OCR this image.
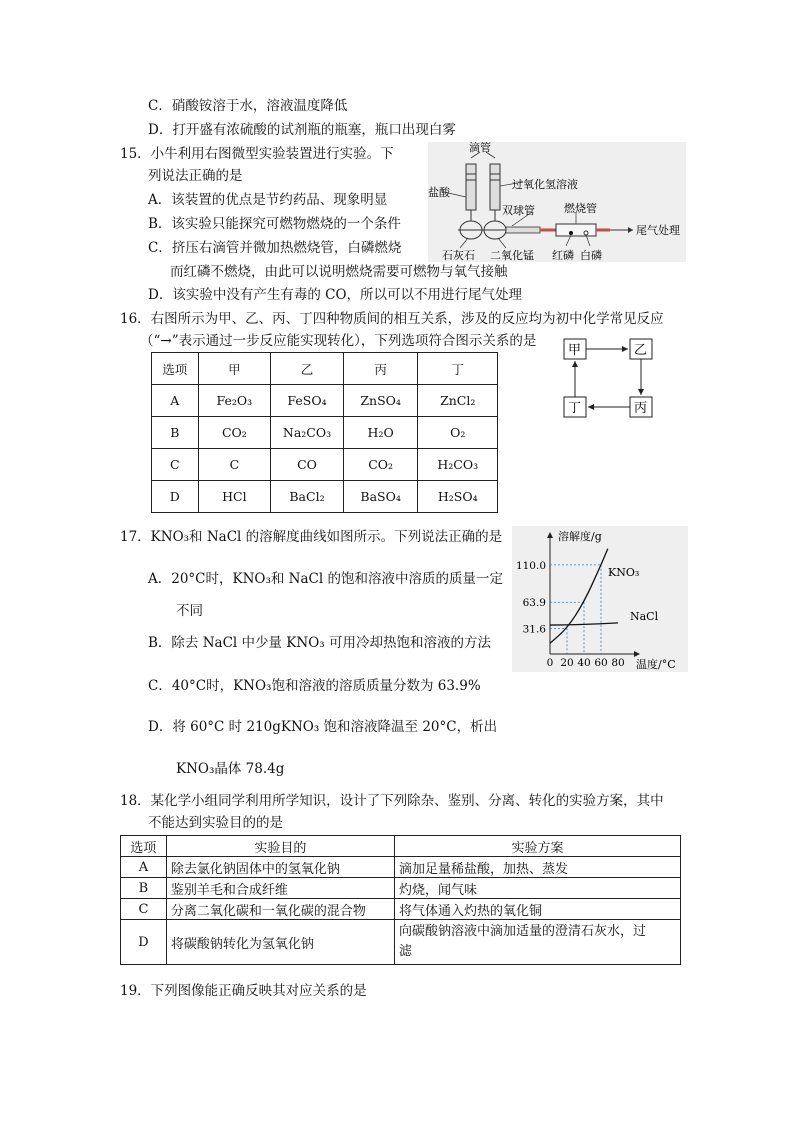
C．硝酸铵溶于水，溶液温度降低
D．打开盛有浓硫酸的试剂瓶的瓶塞，瓶口出现白雾
15．小牛利用右图微型实验装置进行实验。下
列说法正确的是
A．该装置的优点是节约药品、现象明显
B．该实验只能探究可燃物燃烧的一个条件
C．挤压右滴管并微加热燃烧管，白磷燃烧
而红磷不燃烧，由此可以说明燃烧需要可燃物与氧气接触
D．该实验中没有产生有毒的 CO，所以可以不用进行尾气处理
滴管
盐酸
过氧化氢溶液
双球管	燃烧管
尾气处理
石灰石 二氧化锰 红磷 白磷
16．右图所示为甲、乙、丙、丁四种物质间的相互关系，涉及的反应均为初中化学常见反应
（“→”表示通过一步反应能实现转化），下列选项符合图示关系的是
选项	甲	乙	丙	丁
A	Fe₂O₃	FeSO₄	ZnSO₄	ZnCl₂
B	CO₂	Na₂CO₃	H₂O	O₂
C	C	CO	CO₂	H₂CO₃
D	HCl	BaCl₂	BaSO₄	H₂SO₄
甲	乙
丙
丁
17．KNO₃和 NaCl 的溶解度曲线如图所示。下列说法正确的是
A．20°C时，KNO₃和 NaCl 的饱和溶液中溶质的质量一定
不同
B．除去 NaCl 中少量 KNO₃ 可用冷却热饱和溶液的方法
C．40°C时，KNO₃饱和溶液的溶质质量分数为 63.9%
D．将 60°C 时 210gKNO₃ 饱和溶液降温至 20°C，析出
KNO₃晶体 78.4g
溶解度/g
温度/°C
110.0
63.9
31.6
0 20 40 60 80
KNO₃
NaCl
18．某化学小组同学利用所学知识，设计了下列除杂、鉴别、分离、转化的实验方案，其中
不能达到实验目的的是
选项	实验目的	实验方案
A	除去氯化钠固体中的氢氧化钠	滴加足量稀盐酸，加热、蒸发
B	鉴别羊毛和合成纤维	灼烧，闻气味
C	分离二氧化碳和一氧化碳的混合物	将气体通入灼热的氧化铜
D	将碳酸钠转化为氢氧化钠	向碳酸钠溶液中滴加适量的澄清石灰水，过
滤
19．下列图像能正确反映其对应关系的是
